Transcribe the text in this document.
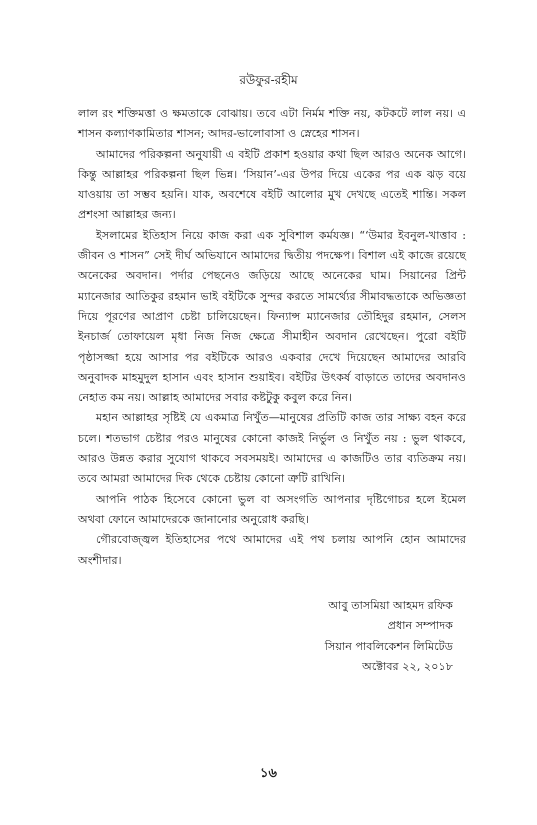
রউফুর-রহীম

লাল রং শক্তিমত্তা ও ক্ষমতাকে বোঝায়। তবে এটা নির্মম শক্তি নয়, কটকটে লাল নয়। এ শাসন কল্যাণকামিতার শাসন; আদর-ভালোবাসা ও স্নেহের শাসন।

আমাদের পরিকল্পনা অনুযায়ী এ বইটি প্রকাশ হওয়ার কথা ছিল আরও অনেক আগে। কিন্তু আল্লাহর পরিকল্পনা ছিল ভিন্ন। ‘সিয়ান’-এর উপর দিয়ে একের পর এক ঝড় বয়ে যাওয়ায় তা সম্ভব হয়নি। যাক, অবশেষে বইটি আলোর মুখ দেখছে এতেই শান্তি। সকল প্রশংসা আল্লাহর জন্য।

ইসলামের ইতিহাস নিয়ে কাজ করা এক সুবিশাল কর্মযজ্ঞ। “‘উমার ইবনুল-খাত্তাব : জীবন ও শাসন” সেই দীর্ঘ অভিযানে আমাদের দ্বিতীয় পদক্ষেপ। বিশাল এই কাজে রয়েছে অনেকের অবদান। পর্দার পেছনেও জড়িয়ে আছে অনেকের ঘাম। সিয়ানের প্রিন্ট ম্যানেজার আতিকুর রহমান ভাই বইটিকে সুন্দর করতে সামর্থ্যের সীমাবদ্ধতাকে অভিজ্ঞতা দিয়ে পূরণের আপ্রাণ চেষ্টা চালিয়েছেন। ফিন্যান্স ম্যানেজার তৌহিদুর রহমান, সেলস ইনচার্জ তোফায়েল মৃধা নিজ নিজ ক্ষেত্রে সীমাহীন অবদান রেখেছেন। পুরো বইটি পৃষ্ঠাসজ্জা হয়ে আসার পর বইটিকে আরও একবার দেখে দিয়েছেন আমাদের আরবি অনুবাদক মাহমুদুল হাসান এবং হাসান শুয়াইব। বইটির উৎকর্ষ বাড়াতে তাদের অবদানও নেহাত কম নয়। আল্লাহ আমাদের সবার কষ্টটুকু কবুল করে নিন।

মহান আল্লাহর সৃষ্টিই যে একমাত্র নিখুঁত—মানুষের প্রতিটি কাজ তার সাক্ষ্য বহন করে চলে। শতভাগ চেষ্টার পরও মানুষের কোনো কাজই নির্ভুল ও নিখুঁত নয় : ভুল থাকবে, আরও উন্নত করার সুযোগ থাকবে সবসময়ই। আমাদের এ কাজটিও তার ব্যতিক্রম নয়। তবে আমরা আমাদের দিক থেকে চেষ্টায় কোনো ত্রুটি রাখিনি।

আপনি পাঠক হিসেবে কোনো ভুল বা অসংগতি আপনার দৃষ্টিগোচর হলে ইমেল অথবা ফোনে আমাদেরকে জানানোর অনুরোধ করছি।

গৌরবোজ্জ্বল ইতিহাসের পথে আমাদের এই পথ চলায় আপনি হোন আমাদের অংশীদার।

আবু তাসমিয়া আহমদ রফিক
প্রধান সম্পাদক
সিয়ান পাবলিকেশন লিমিটেড
অক্টোবর ২২, ২০১৮
১৬
